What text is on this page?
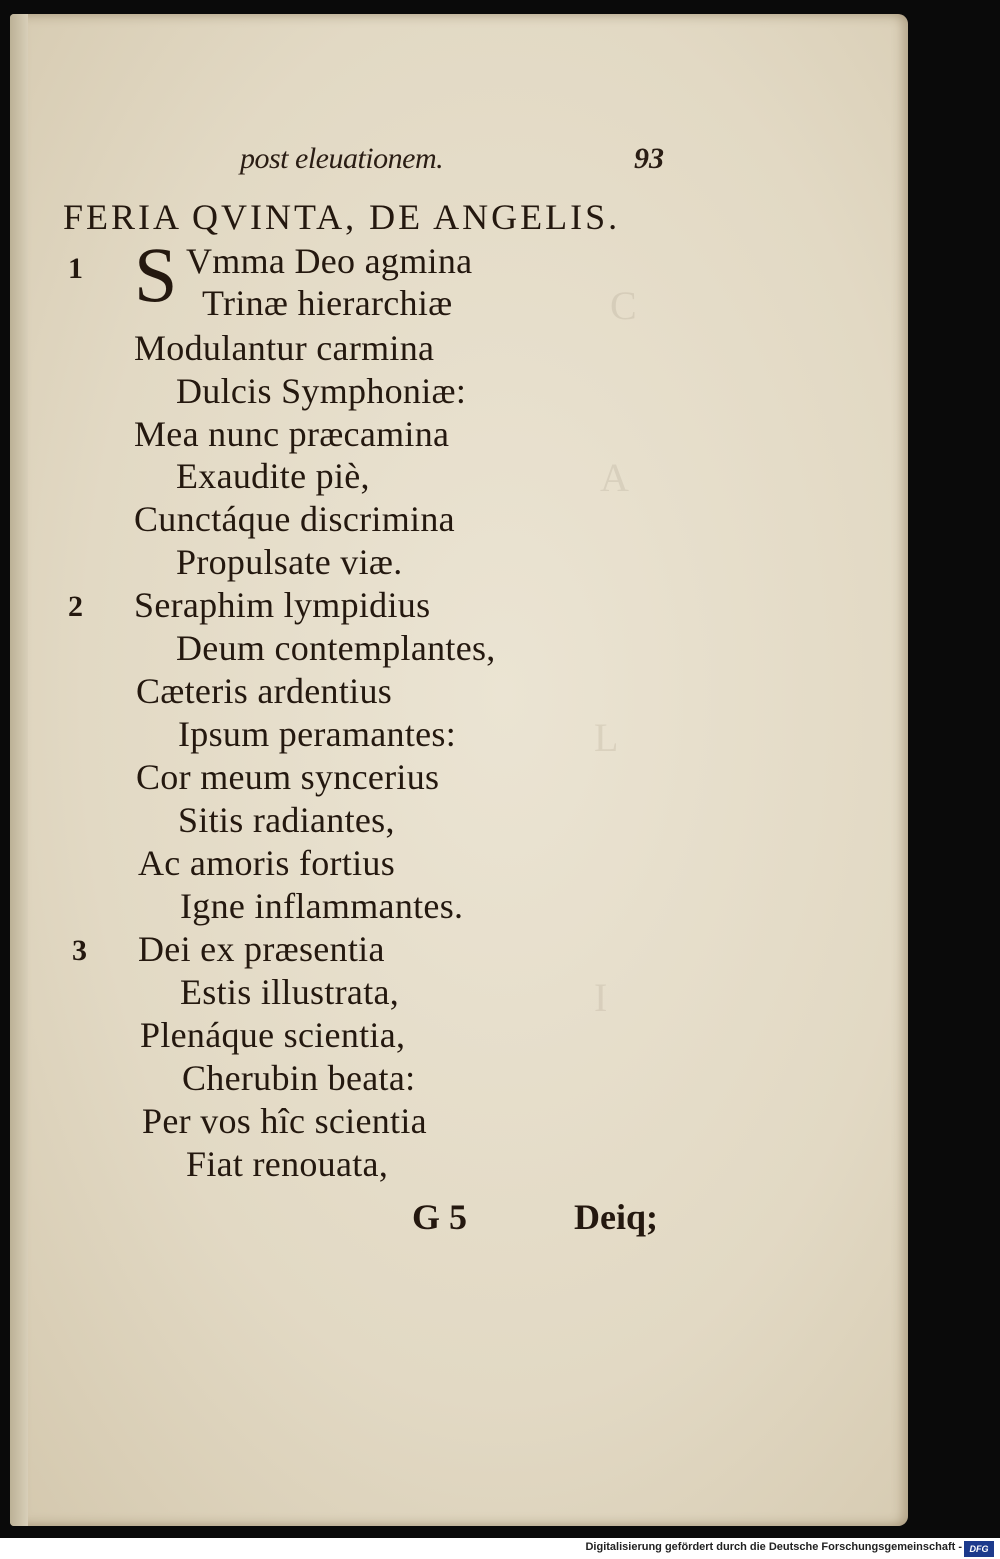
C
A
L
I
post eleuationem.	93
FERIA QVINTA, DE ANGELIS.
1 S Vmma Deo agmina
Trinæ hierarchiæ
Modulantur carmina
Dulcis Symphoniæ:
Mea nunc præcamina
Exaudite piè,
Cunctáque discrimina
Propulsate viæ.
2 Seraphim lympidius
Deum contemplantes,
Cæteris ardentius
Ipsum peramantes:
Cor meum syncerius
Sitis radiantes,
Ac amoris fortius
Igne inflammantes.
3 Dei ex præsentia
Estis illustrata,
Plenáque scientia,
Cherubin beata:
Per vos hîc scientia
Fiat renouata,
G 5	Deiq;
Digitalisierung gefördert durch die Deutsche Forschungsgemeinschaft - DFG
